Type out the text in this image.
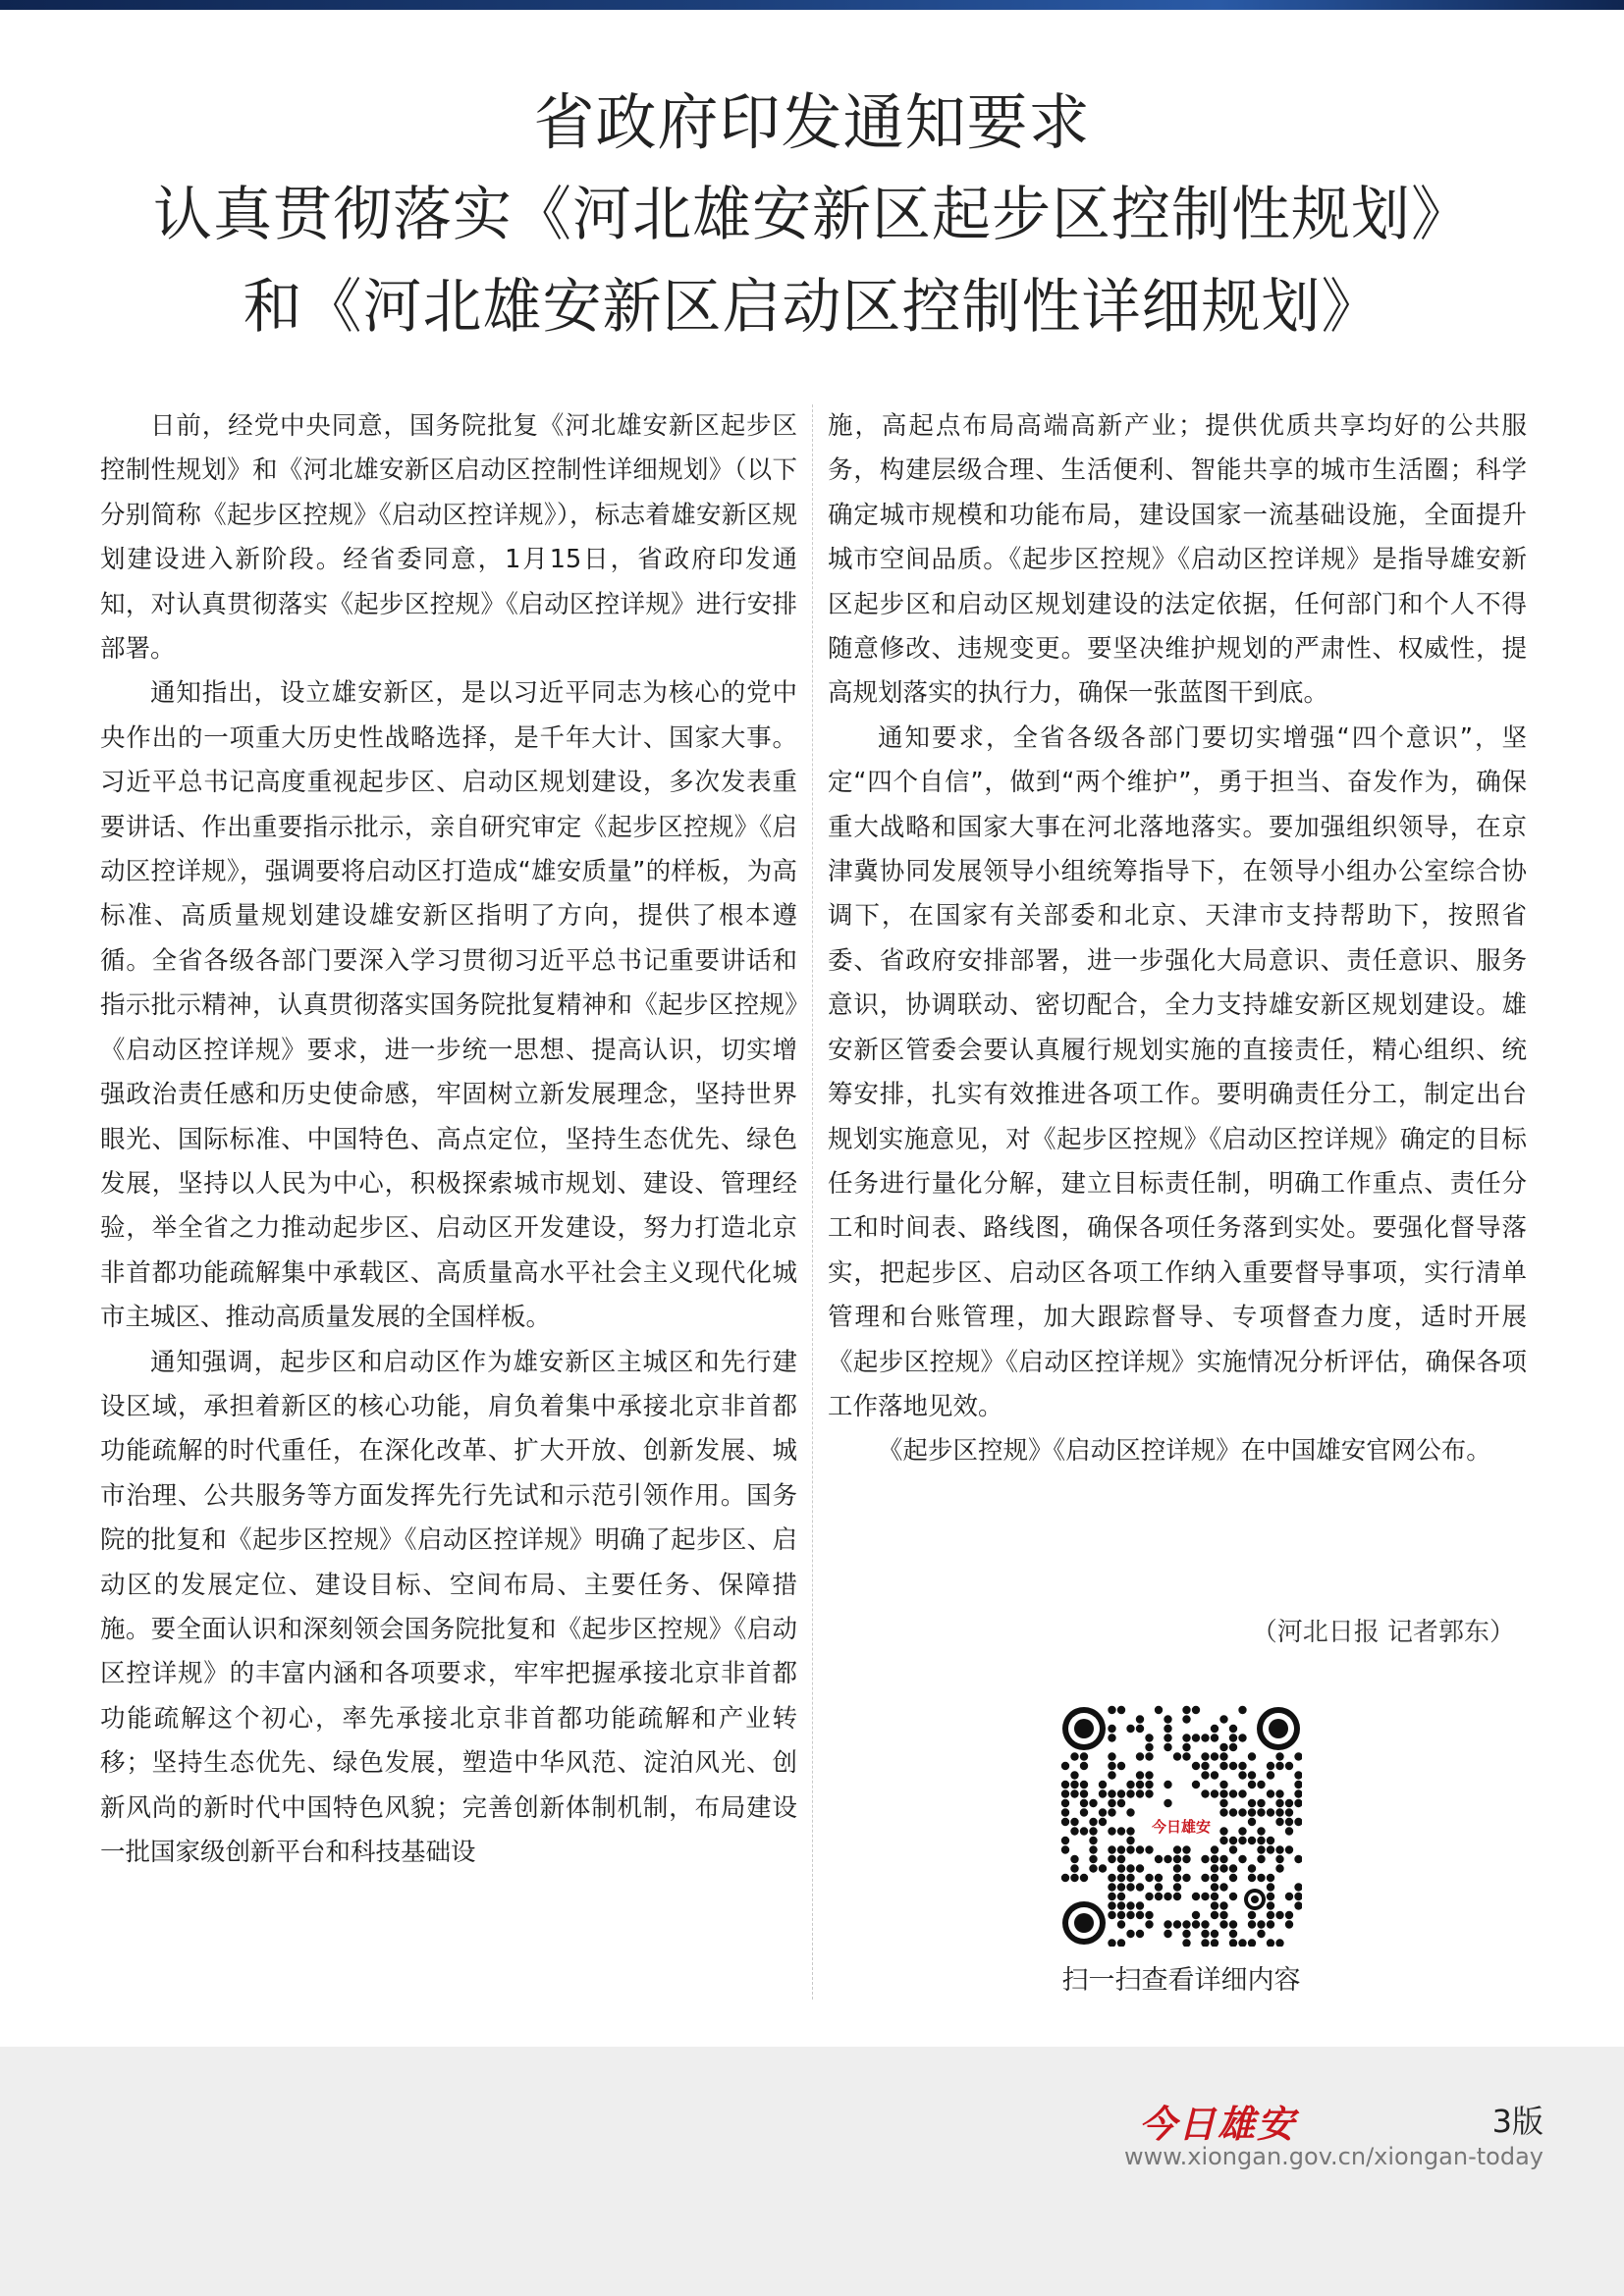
省政府印发通知要求
认真贯彻落实《河北雄安新区起步区控制性规划》
和《河北雄安新区启动区控制性详细规划》

日前，经党中央同意，国务院批复《河北雄安新区起步区控制性规划》和《河北雄安新区启动区控制性详细规划》（以下分别简称《起步区控规》《启动区控详规》），标志着雄安新区规划建设进入新阶段。经省委同意，1月15日，省政府印发通知，对认真贯彻落实《起步区控规》《启动区控详规》进行安排部署。

通知指出，设立雄安新区，是以习近平同志为核心的党中央作出的一项重大历史性战略选择，是千年大计、国家大事。习近平总书记高度重视起步区、启动区规划建设，多次发表重要讲话、作出重要指示批示，亲自研究审定《起步区控规》《启动区控详规》，强调要将启动区打造成“雄安质量”的样板，为高标准、高质量规划建设雄安新区指明了方向，提供了根本遵循。全省各级各部门要深入学习贯彻习近平总书记重要讲话和指示批示精神，认真贯彻落实国务院批复精神和《起步区控规》《启动区控详规》要求，进一步统一思想、提高认识，切实增强政治责任感和历史使命感，牢固树立新发展理念，坚持世界眼光、国际标准、中国特色、高点定位，坚持生态优先、绿色发展，坚持以人民为中心，积极探索城市规划、建设、管理经验，举全省之力推动起步区、启动区开发建设，努力打造北京非首都功能疏解集中承载区、高质量高水平社会主义现代化城市主城区、推动高质量发展的全国样板。

通知强调，起步区和启动区作为雄安新区主城区和先行建设区域，承担着新区的核心功能，肩负着集中承接北京非首都功能疏解的时代重任，在深化改革、扩大开放、创新发展、城市治理、公共服务等方面发挥先行先试和示范引领作用。国务院的批复和《起步区控规》《启动区控详规》明确了起步区、启动区的发展定位、建设目标、空间布局、主要任务、保障措施。要全面认识和深刻领会国务院批复和《起步区控规》《启动区控详规》的丰富内涵和各项要求，牢牢把握承接北京非首都功能疏解这个初心，率先承接北京非首都功能疏解和产业转移；坚持生态优先、绿色发展，塑造中华风范、淀泊风光、创新风尚的新时代中国特色风貌；完善创新体制机制，布局建设一批国家级创新平台和科技基础设

施，高起点布局高端高新产业；提供优质共享均好的公共服务，构建层级合理、生活便利、智能共享的城市生活圈；科学确定城市规模和功能布局，建设国家一流基础设施，全面提升城市空间品质。《起步区控规》《启动区控详规》是指导雄安新区起步区和启动区规划建设的法定依据，任何部门和个人不得随意修改、违规变更。要坚决维护规划的严肃性、权威性，提高规划落实的执行力，确保一张蓝图干到底。

通知要求，全省各级各部门要切实增强“四个意识”，坚定“四个自信”，做到“两个维护”，勇于担当、奋发作为，确保重大战略和国家大事在河北落地落实。要加强组织领导，在京津冀协同发展领导小组统筹指导下，在领导小组办公室综合协调下，在国家有关部委和北京、天津市支持帮助下，按照省委、省政府安排部署，进一步强化大局意识、责任意识、服务意识，协调联动、密切配合，全力支持雄安新区规划建设。雄安新区管委会要认真履行规划实施的直接责任，精心组织、统筹安排，扎实有效推进各项工作。要明确责任分工，制定出台规划实施意见，对《起步区控规》《启动区控详规》确定的目标任务进行量化分解，建立目标责任制，明确工作重点、责任分工和时间表、路线图，确保各项任务落到实处。要强化督导落实，把起步区、启动区各项工作纳入重要督导事项，实行清单管理和台账管理，加大跟踪督导、专项督查力度，适时开展《起步区控规》《启动区控详规》实施情况分析评估，确保各项工作落地见效。

《起步区控规》《启动区控详规》在中国雄安官网公布。

（河北日报 记者郭东）
今日雄安
扫一扫查看详细内容
今日雄安	3版
www.xiongan.gov.cn/xiongan-today
